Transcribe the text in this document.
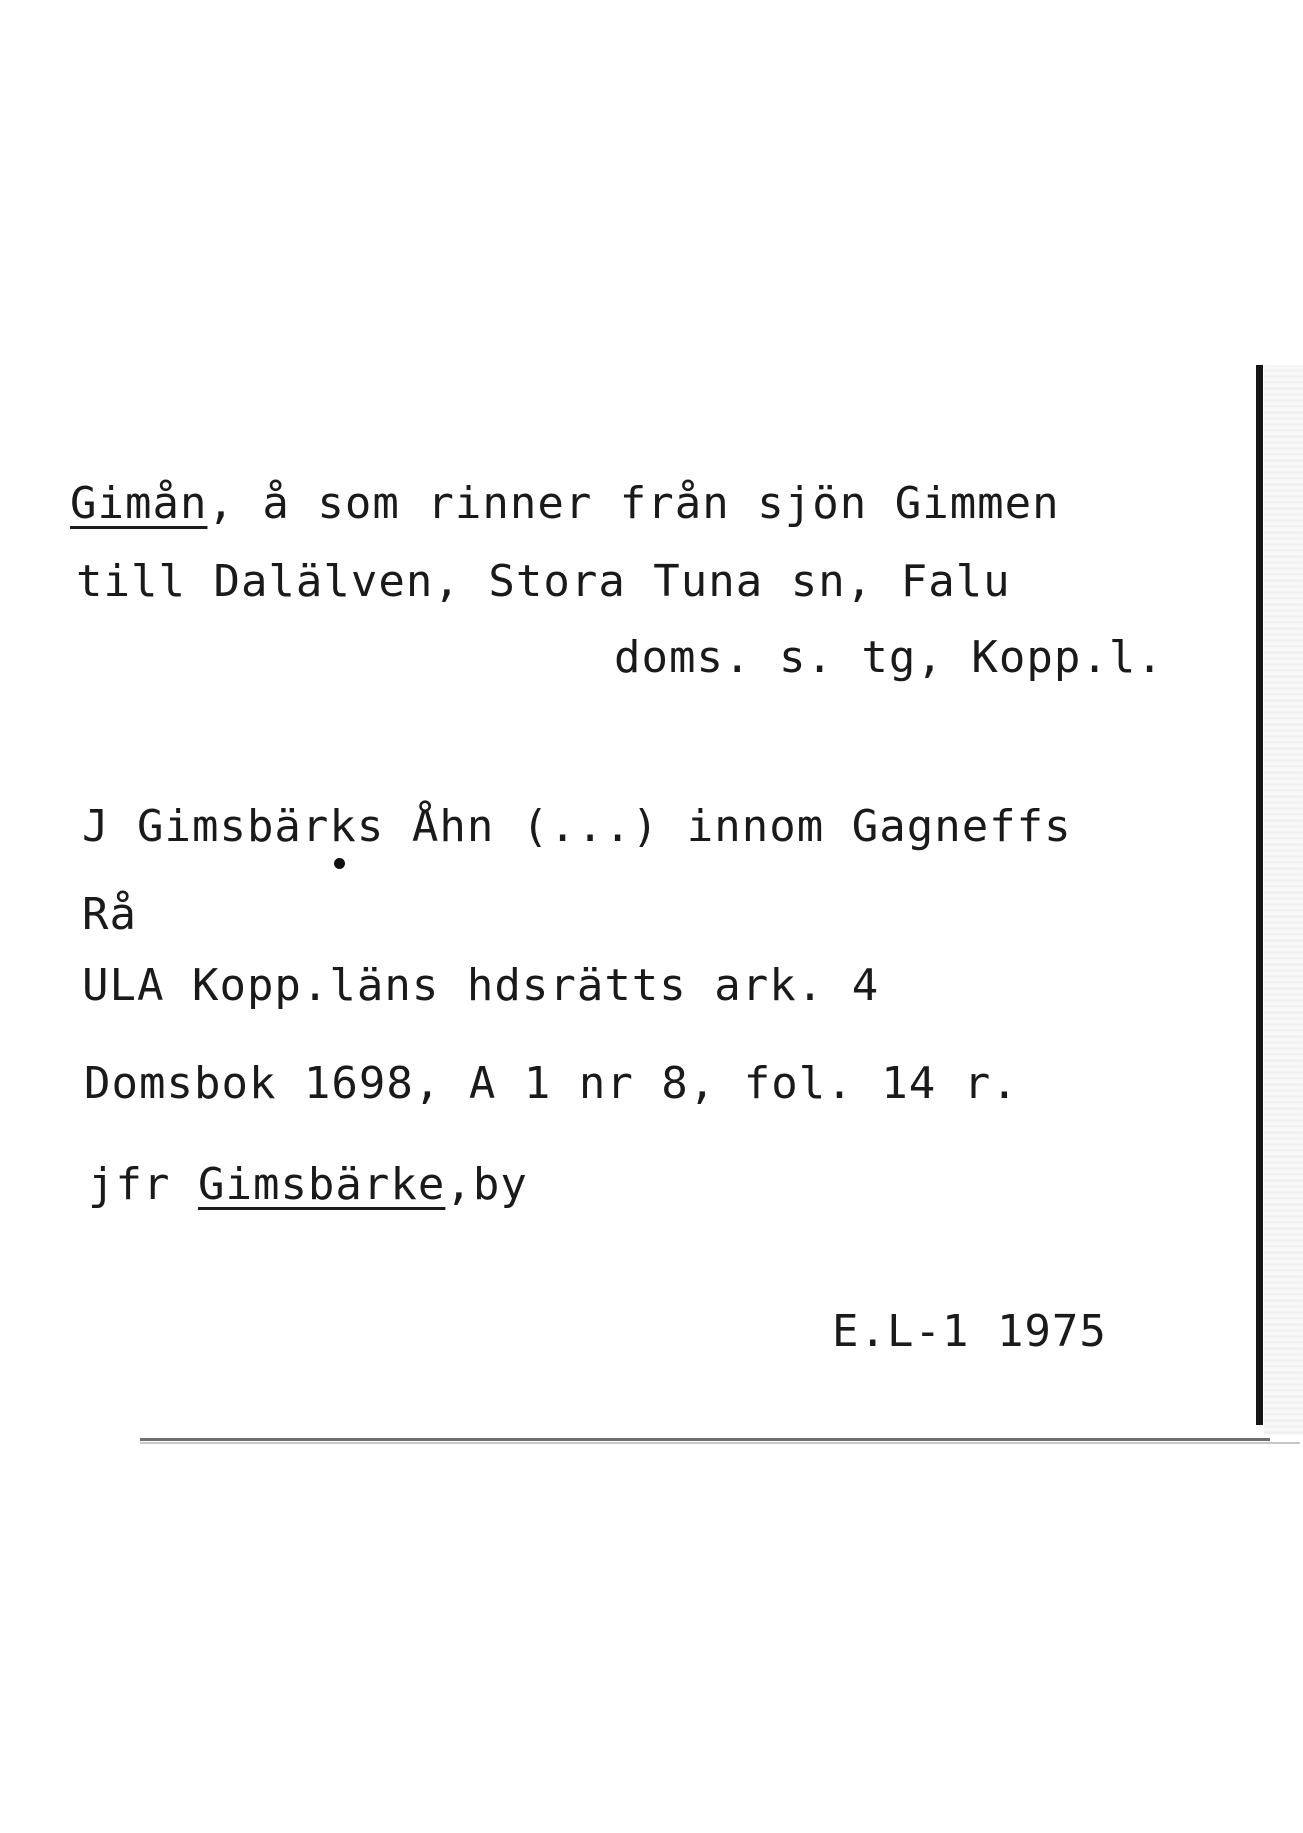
Gimån, å som rinner från sjön Gimmen
till Dalälven, Stora Tuna sn, Falu
doms. s. tg, Kopp.l.
J Gimsbärks Åhn (...) innom Gagneffs
Rå
ULA Kopp.läns hdsrätts ark. 4
Domsbok 1698, A 1 nr 8, fol. 14 r.
jfr Gimsbärke,by
E.L-1 1975
